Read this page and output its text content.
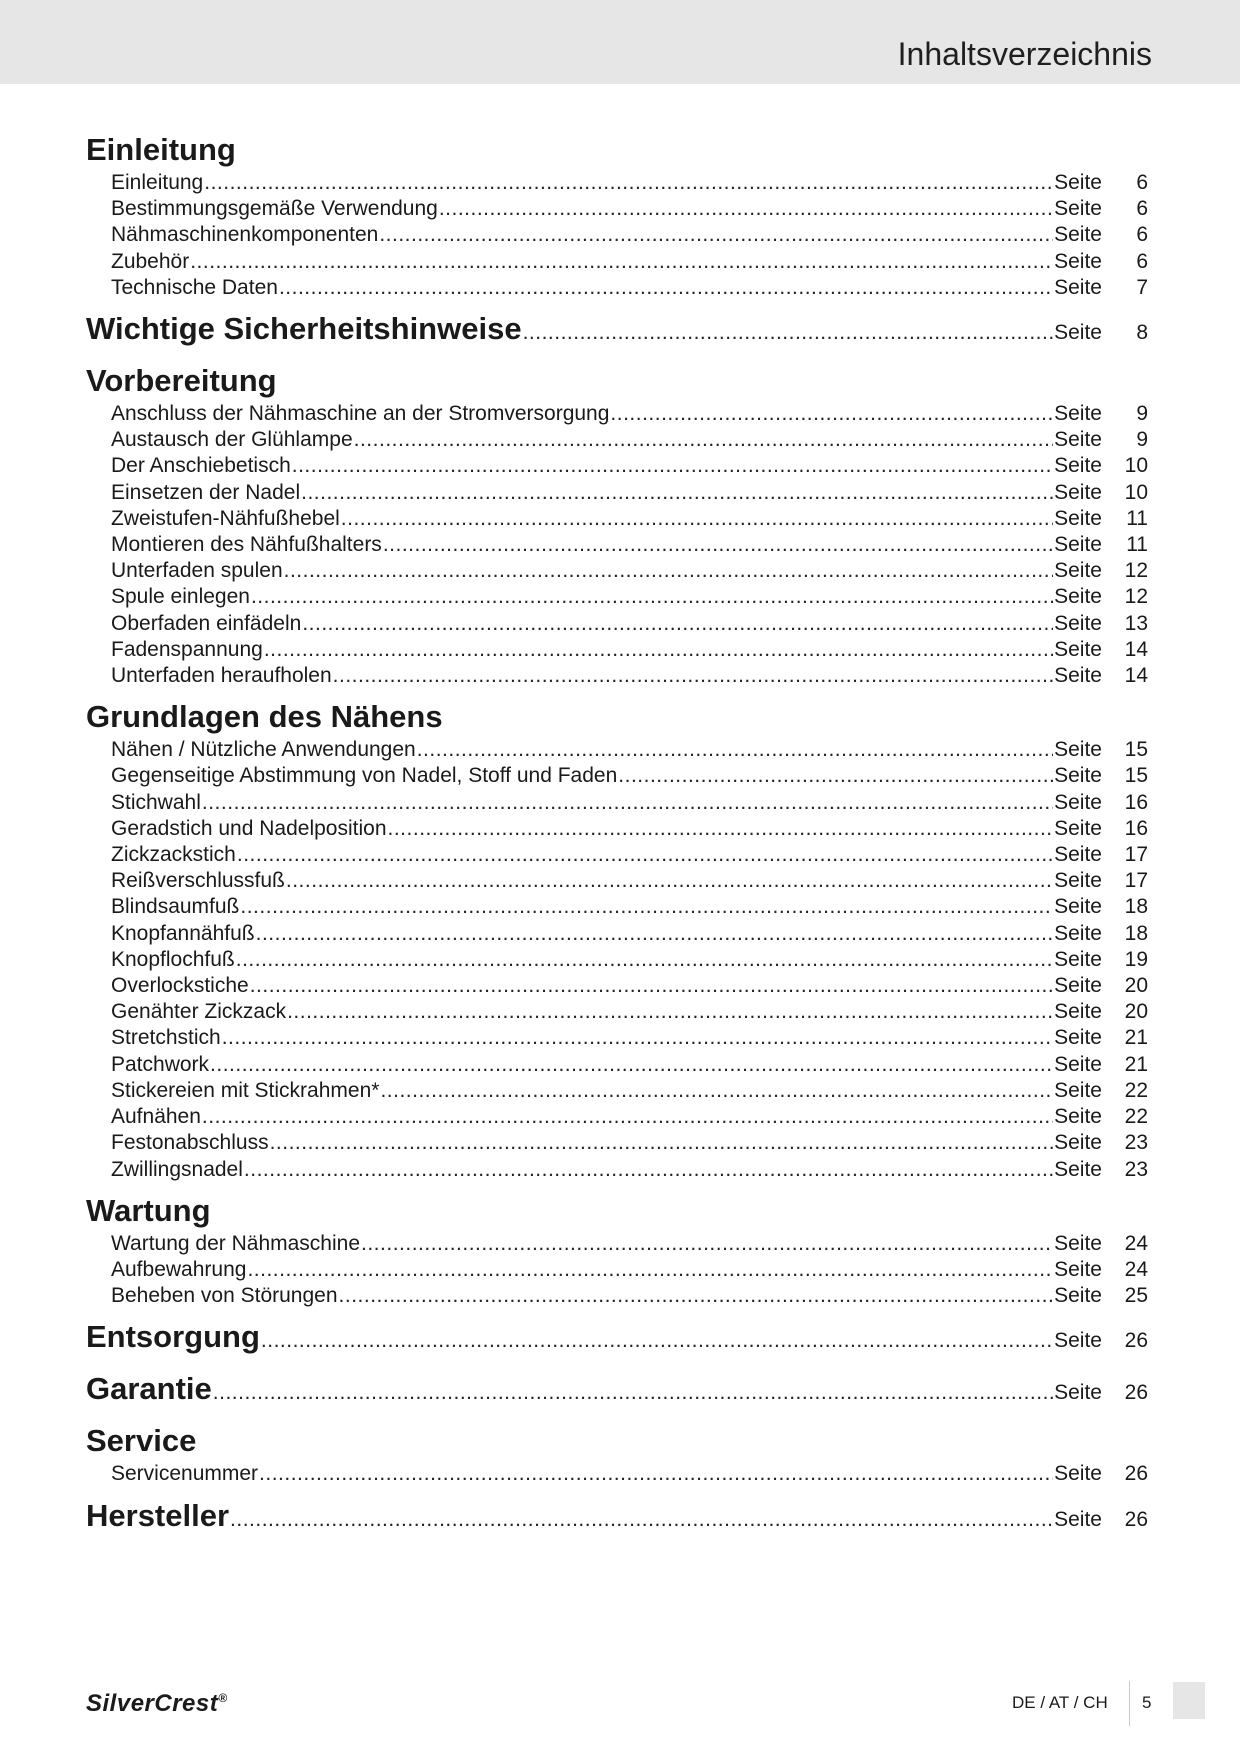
Inhaltsverzeichnis
Einleitung
Einleitung .....	Seite	6
Bestimmungsgemäße Verwendung .....	Seite	6
Nähmaschinenkomponenten .....	Seite	6
Zubehör .....	Seite	6
Technische Daten .....	Seite	7
Wichtige Sicherheitshinweise .....	Seite	8
Vorbereitung
Anschluss der Nähmaschine an der Stromversorgung .....	Seite	9
Austausch der Glühlampe .....	Seite	9
Der Anschiebetisch .....	Seite	10
Einsetzen der Nadel .....	Seite	10
Zweistufen-Nähfußhebel .....	Seite	11
Montieren des Nähfußhalters .....	Seite	11
Unterfaden spulen .....	Seite	12
Spule einlegen .....	Seite	12
Oberfaden einfädeln .....	Seite	13
Fadenspannung .....	Seite	14
Unterfaden heraufholen .....	Seite	14
Grundlagen des Nähens
Nähen / Nützliche Anwendungen .....	Seite	15
Gegenseitige Abstimmung von Nadel, Stoff und Faden .....	Seite	15
Stichwahl .....	Seite	16
Geradstich und Nadelposition .....	Seite	16
Zickzackstich .....	Seite	17
Reißverschlussfuß .....	Seite	17
Blindsaumfuß .....	Seite	18
Knopfannähfuß .....	Seite	18
Knopflochfuß .....	Seite	19
Overlockstiche .....	Seite	20
Genähter Zickzack .....	Seite	20
Stretchstich .....	Seite	21
Patchwork .....	Seite	21
Stickereien mit Stickrahmen* .....	Seite	22
Aufnähen .....	Seite	22
Festonabschluss .....	Seite	23
Zwillingsnadel .....	Seite	23
Wartung
Wartung der Nähmaschine .....	Seite	24
Aufbewahrung .....	Seite	24
Beheben von Störungen .....	Seite	25
Entsorgung .....	Seite	26
Garantie .....	Seite	26
Service
Servicenummer .....	Seite	26
Hersteller .....	Seite	26
SilverCrest®	DE / AT / CH 5
